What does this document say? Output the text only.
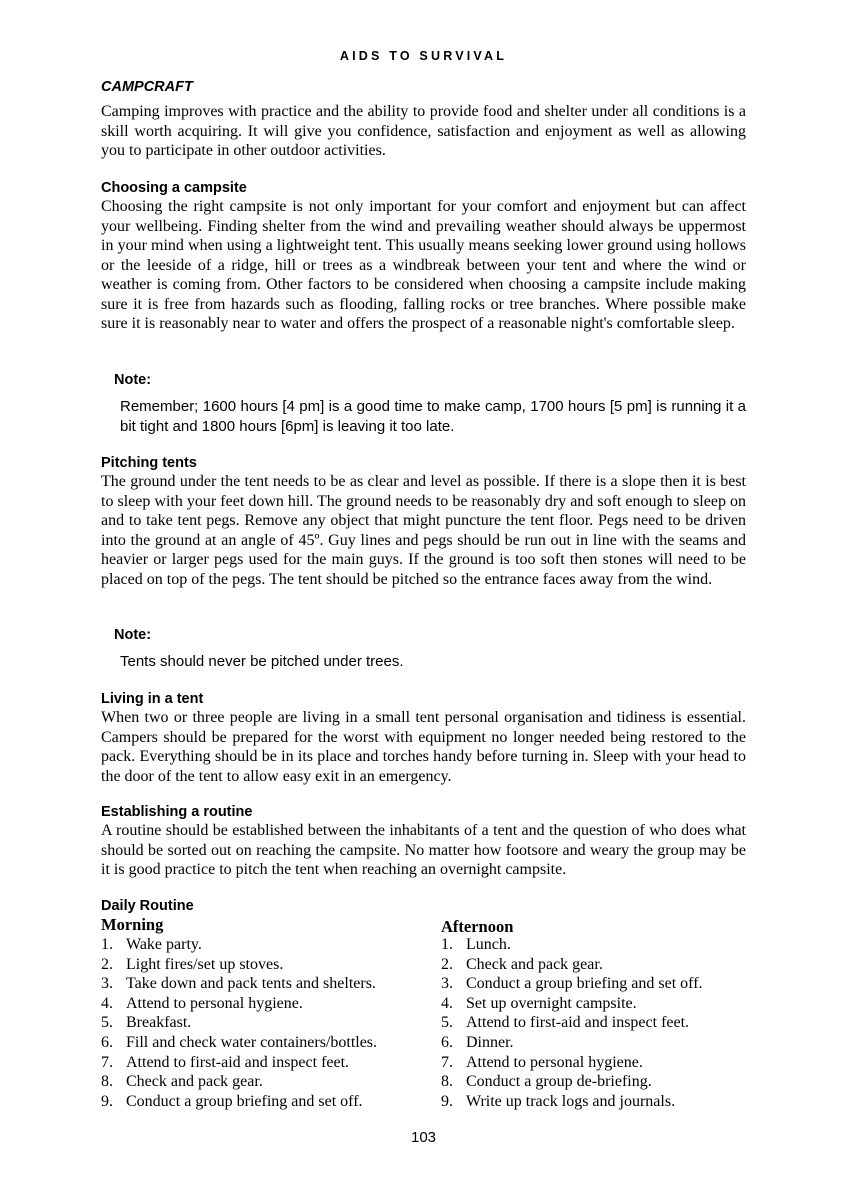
AIDS TO SURVIVAL
CAMPCRAFT

Camping improves with practice and the ability to provide food and shelter under all conditions is a skill worth acquiring. It will give you confidence, satisfaction and enjoyment as well as allowing you to participate in other outdoor activities.

Choosing a campsite

Choosing the right campsite is not only important for your comfort and enjoyment but can affect your wellbeing. Finding shelter from the wind and prevailing weather should always be uppermost in your mind when using a lightweight tent. This usually means seeking lower ground using hollows or the leeside of a ridge, hill or trees as a windbreak between your tent and where the wind or weather is coming from. Other factors to be considered when choosing a campsite include making sure it is free from hazards such as flooding, falling rocks or tree branches. Where possible make sure it is reasonably near to water and offers the prospect of a reasonable night's comfortable sleep.

Note:

Remember; 1600 hours [4 pm] is a good time to make camp, 1700 hours [5 pm] is running it a bit tight and 1800 hours [6pm] is leaving it too late.

Pitching tents

The ground under the tent needs to be as clear and level as possible. If there is a slope then it is best to sleep with your feet down hill. The ground needs to be reasonably dry and soft enough to sleep on and to take tent pegs. Remove any object that might puncture the tent floor. Pegs need to be driven into the ground at an angle of 45º. Guy lines and pegs should be run out in line with the seams and heavier or larger pegs used for the main guys. If the ground is too soft then stones will need to be placed on top of the pegs. The tent should be pitched so the entrance faces away from the wind.

Note:

Tents should never be pitched under trees.

Living in a tent

When two or three people are living in a small tent personal organisation and tidiness is essential. Campers should be prepared for the worst with equipment no longer needed being restored to the pack. Everything should be in its place and torches handy before turning in. Sleep with your head to the door of the tent to allow easy exit in an emergency.

Establishing a routine

A routine should be established between the inhabitants of a tent and the question of who does what should be sorted out on reaching the campsite. No matter how footsore and weary the group may be it is good practice to pitch the tent when reaching an overnight campsite.

Daily Routine

Morning

1. Wake party.
2. Light fires/set up stoves.
3. Take down and pack tents and shelters.
4. Attend to personal hygiene.
5. Breakfast.
6. Fill and check water containers/bottles.
7. Attend to first-aid and inspect feet.
8. Check and pack gear.
9. Conduct a group briefing and set off.

Afternoon

1. Lunch.
2. Check and pack gear.
3. Conduct a group briefing and set off.
4. Set up overnight campsite.
5. Attend to first-aid and inspect feet.
6. Dinner.
7. Attend to personal hygiene.
8. Conduct a group de-briefing.
9. Write up track logs and journals.
103
